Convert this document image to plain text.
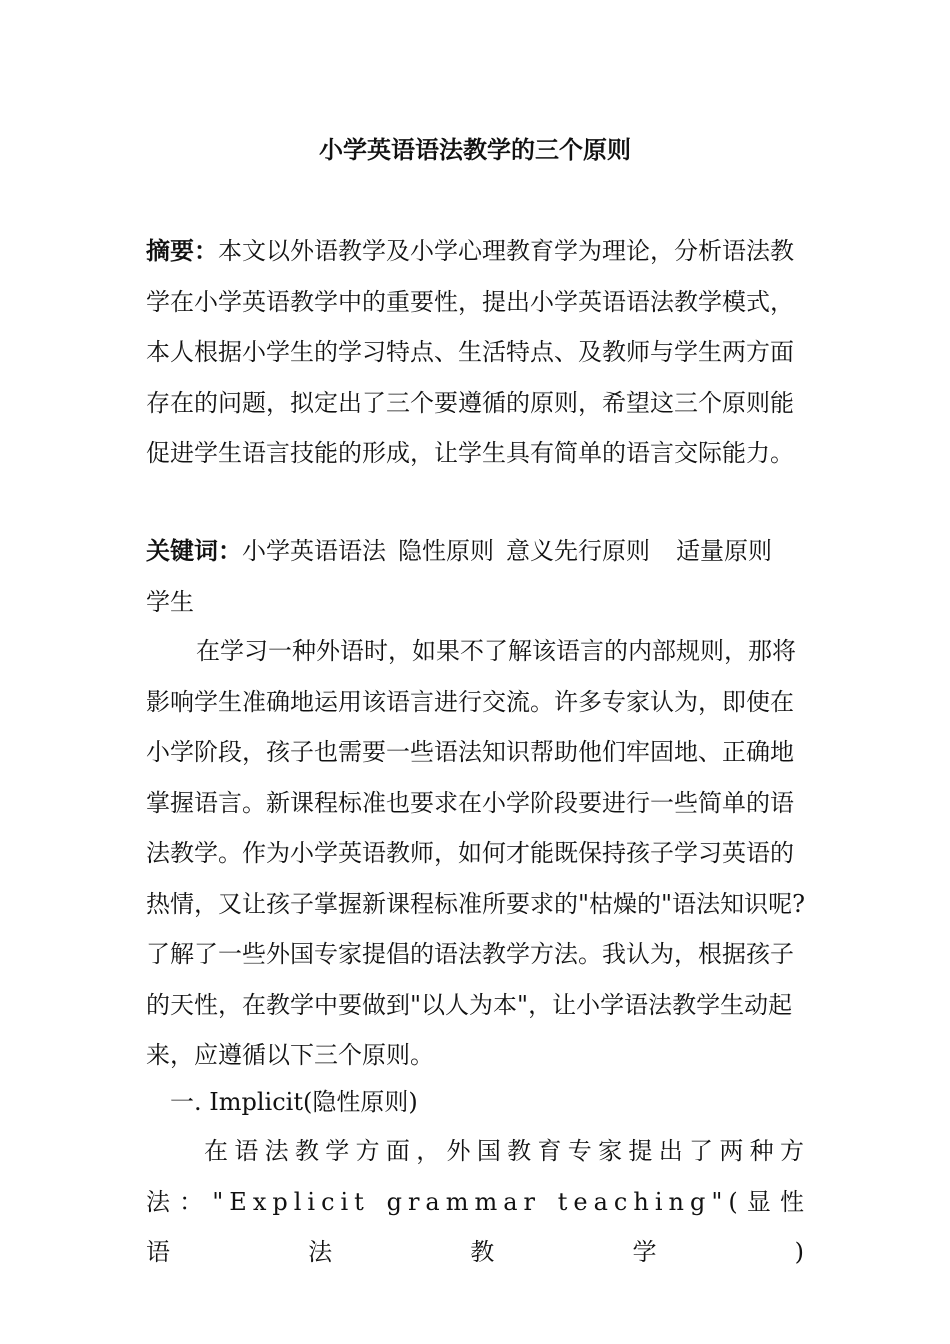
小学英语语法教学的三个原则
摘要：本文以外语教学及小学心理教育学为理论，分析语法教学在小学英语教学中的重要性，提出小学英语语法教学模式，本人根据小学生的学习特点、生活特点、及教师与学生两方面存在的问题，拟定出了三个要遵循的原则，希望这三个原则能促进学生语言技能的形成，让学生具有简单的语言交际能力。
关键词：小学英语语法 隐性原则 意义先行原则 适量原则
学生
在学习一种外语时，如果不了解该语言的内部规则，那将影响学生准确地运用该语言进行交流。许多专家认为，即使在小学阶段，孩子也需要一些语法知识帮助他们牢固地、正确地掌握语言。新课程标准也要求在小学阶段要进行一些简单的语法教学。作为小学英语教师，如何才能既保持孩子学习英语的热情，又让孩子掌握新课程标准所要求的"枯燥的"语法知识呢?了解了一些外国专家提倡的语法教学方法。我认为，根据孩子的天性，在教学中要做到"以人为本"，让小学语法教学生动起来，应遵循以下三个原则。
一. Implicit(隐性原则)
在语法教学方面，外国教育专家提出了两种方法："Explicit grammar teaching"(显性语法教学)
